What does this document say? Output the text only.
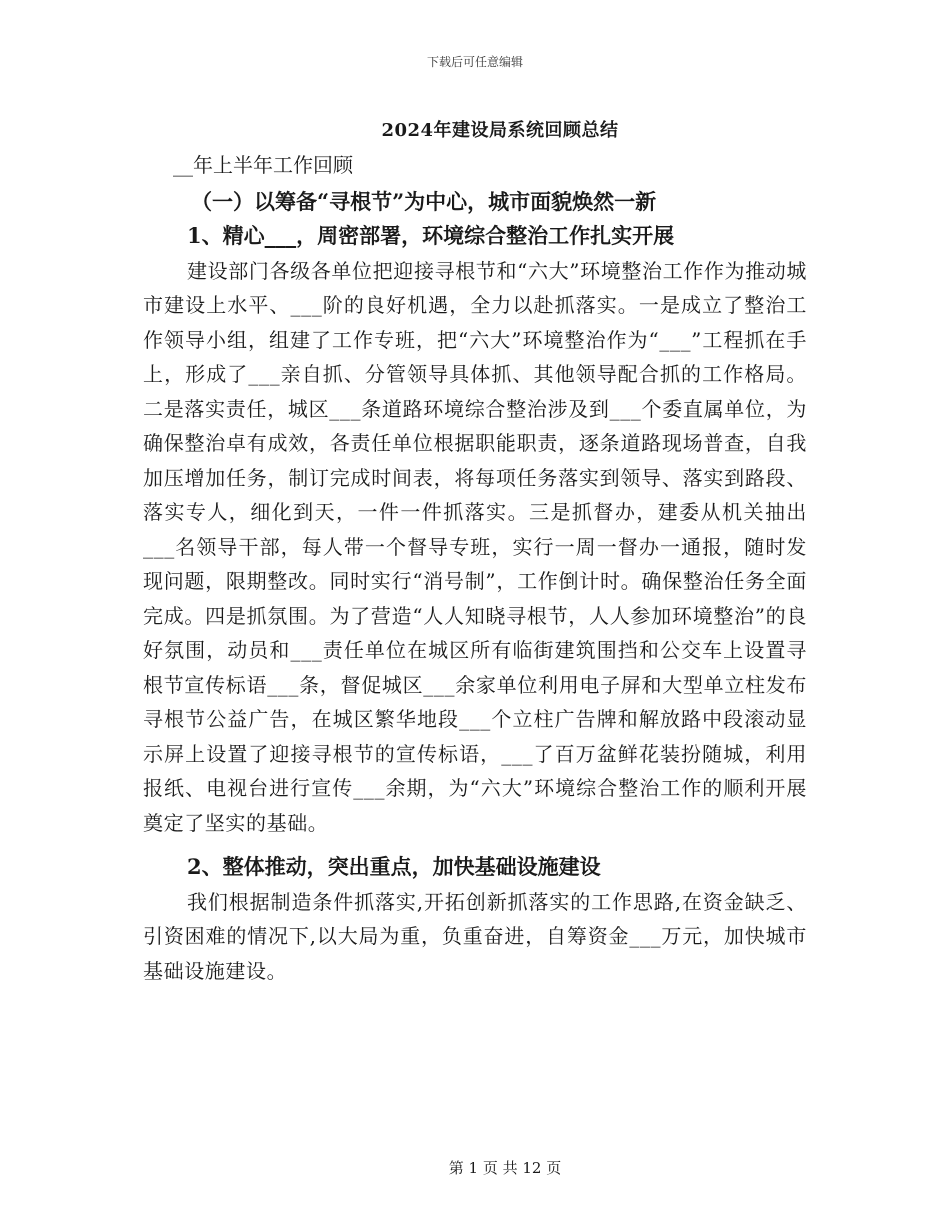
下载后可任意编辑
2024年建设局系统回顾总结

__年上半年工作回顾

（一）以筹备“寻根节”为中心，城市面貌焕然一新

1、精心___，周密部署，环境综合整治工作扎实开展

建设部门各级各单位把迎接寻根节和“六大”环境整治工作作为推动城市建设上水平、___阶的良好机遇，全力以赴抓落实。一是成立了整治工作领导小组，组建了工作专班，把“六大”环境整治作为“___”工程抓在手上，形成了___亲自抓、分管领导具体抓、其他领导配合抓的工作格局。二是落实责任，城区___条道路环境综合整治涉及到___个委直属单位，为确保整治卓有成效，各责任单位根据职能职责，逐条道路现场普查，自我加压增加任务，制订完成时间表，将每项任务落实到领导、落实到路段、落实专人，细化到天，一件一件抓落实。三是抓督办，建委从机关抽出___名领导干部，每人带一个督导专班，实行一周一督办一通报，随时发现问题，限期整改。同时实行“消号制”，工作倒计时。确保整治任务全面完成。四是抓氛围。为了营造“人人知晓寻根节，人人参加环境整治”的良好氛围，动员和___责任单位在城区所有临街建筑围挡和公交车上设置寻根节宣传标语___条，督促城区___余家单位利用电子屏和大型单立柱发布寻根节公益广告，在城区繁华地段___个立柱广告牌和解放路中段滚动显示屏上设置了迎接寻根节的宣传标语，___了百万盆鲜花装扮随城，利用报纸、电视台进行宣传___余期，为“六大”环境综合整治工作的顺利开展奠定了坚实的基础。

2、整体推动，突出重点，加快基础设施建设

我们根据制造条件抓落实,开拓创新抓落实的工作思路,在资金缺乏、引资困难的情况下,以大局为重，负重奋进，自筹资金___万元，加快城市基础设施建设。

第 1 页 共 12 页
